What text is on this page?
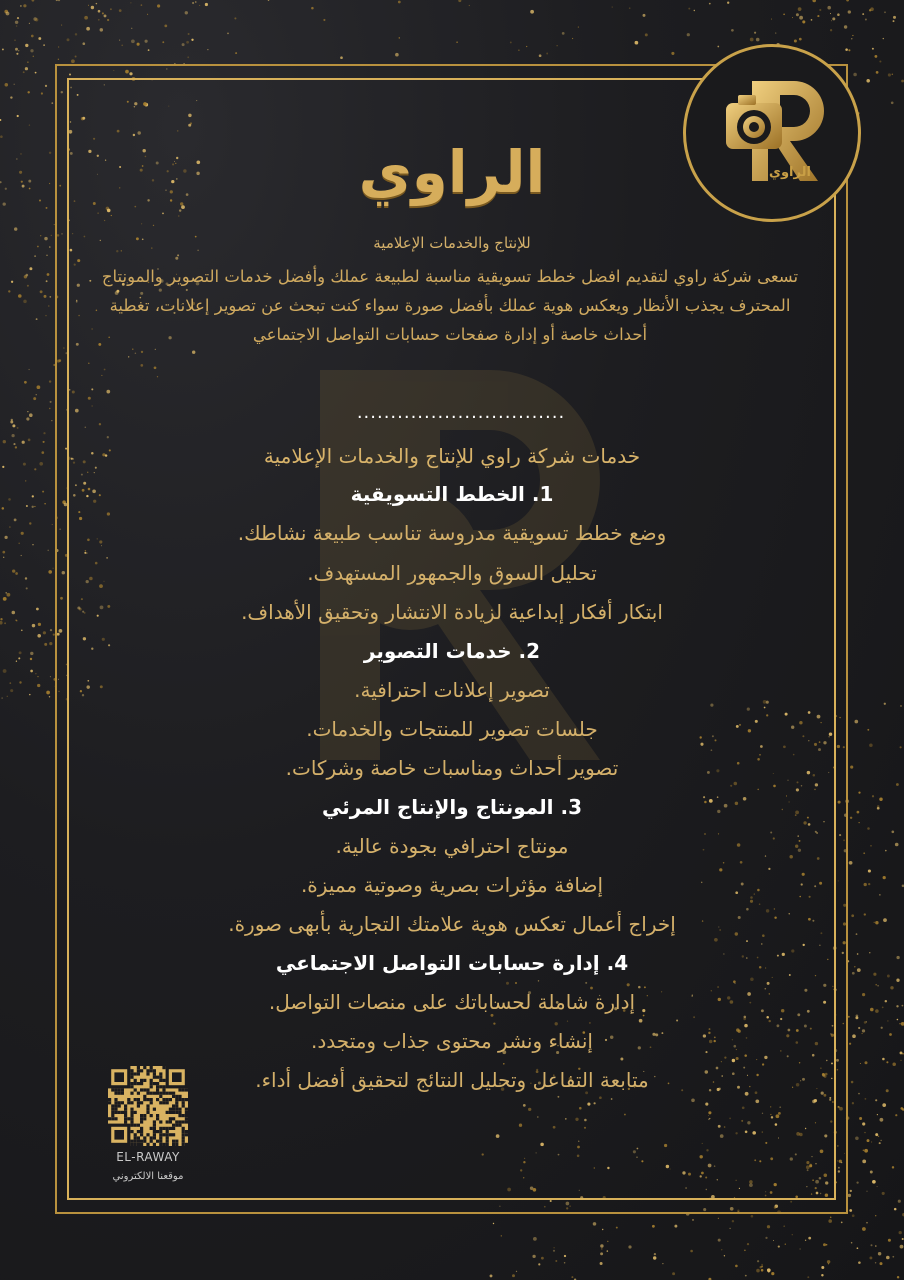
الراوي
الراوي
للإنتاج والخدمات الإعلامية
تسعى شركة راوي لتقديم افضل خطط تسويقية مناسبة لطبيعة عملك وأفضل خدمات التصوير والمونتاج المحترف يجذب الأنظار ويعكس هوية عملك بأفضل صورة سواء كنت تبحث عن تصوير إعلانات، تغطية أحداث خاصة أو إدارة صفحات حسابات التواصل الاجتماعي
...............................
خدمات شركة راوي للإنتاج والخدمات الإعلامية
1. الخطط التسويقية
وضع خطط تسويقية مدروسة تناسب طبيعة نشاطك.
تحليل السوق والجمهور المستهدف.
ابتكار أفكار إبداعية لزيادة الانتشار وتحقيق الأهداف.
2. خدمات التصوير
تصوير إعلانات احترافية.
جلسات تصوير للمنتجات والخدمات.
تصوير أحداث ومناسبات خاصة وشركات.
3. المونتاج والإنتاج المرئي
مونتاج احترافي بجودة عالية.
إضافة مؤثرات بصرية وصوتية مميزة.
إخراج أعمال تعكس هوية علامتك التجارية بأبهى صورة.
4. إدارة حسابات التواصل الاجتماعي
إدارة شاملة لحساباتك على منصات التواصل.
إنشاء ونشر محتوى جذاب ومتجدد.
متابعة التفاعل وتحليل النتائج لتحقيق أفضل أداء.
EL-RAWAY
موقعنا الالكتروني
